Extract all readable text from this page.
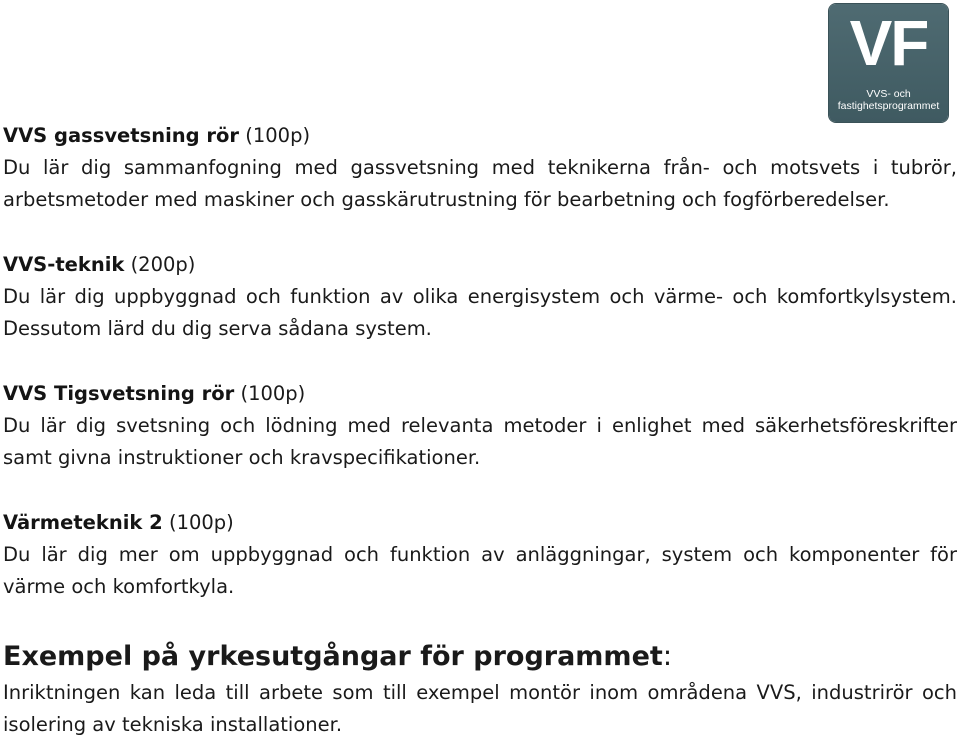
VF
VVS- och
fastighetsprogrammet
VVS gassvetsning rör (100p)
Du lär dig sammanfogning med gassvetsning med teknikerna från- och motsvets i tubrör, arbetsmetoder med maskiner och gasskärutrustning för bearbetning och fogförberedelser.
VVS-teknik (200p)
Du lär dig uppbyggnad och funktion av olika energisystem och värme- och komfortkylsystem. Dessutom lärd du dig serva sådana system.
VVS Tigsvetsning rör (100p)
Du lär dig svetsning och lödning med relevanta metoder i enlighet med säkerhetsföreskrifter samt givna instruktioner och kravspecifikationer.
Värmeteknik 2 (100p)
Du lär dig mer om uppbyggnad och funktion av anläggningar, system och komponenter för värme och komfortkyla.
Exempel på yrkesutgångar för programmet:
Inriktningen kan leda till arbete som till exempel montör inom områdena VVS, industrirör och isolering av tekniska installationer.
